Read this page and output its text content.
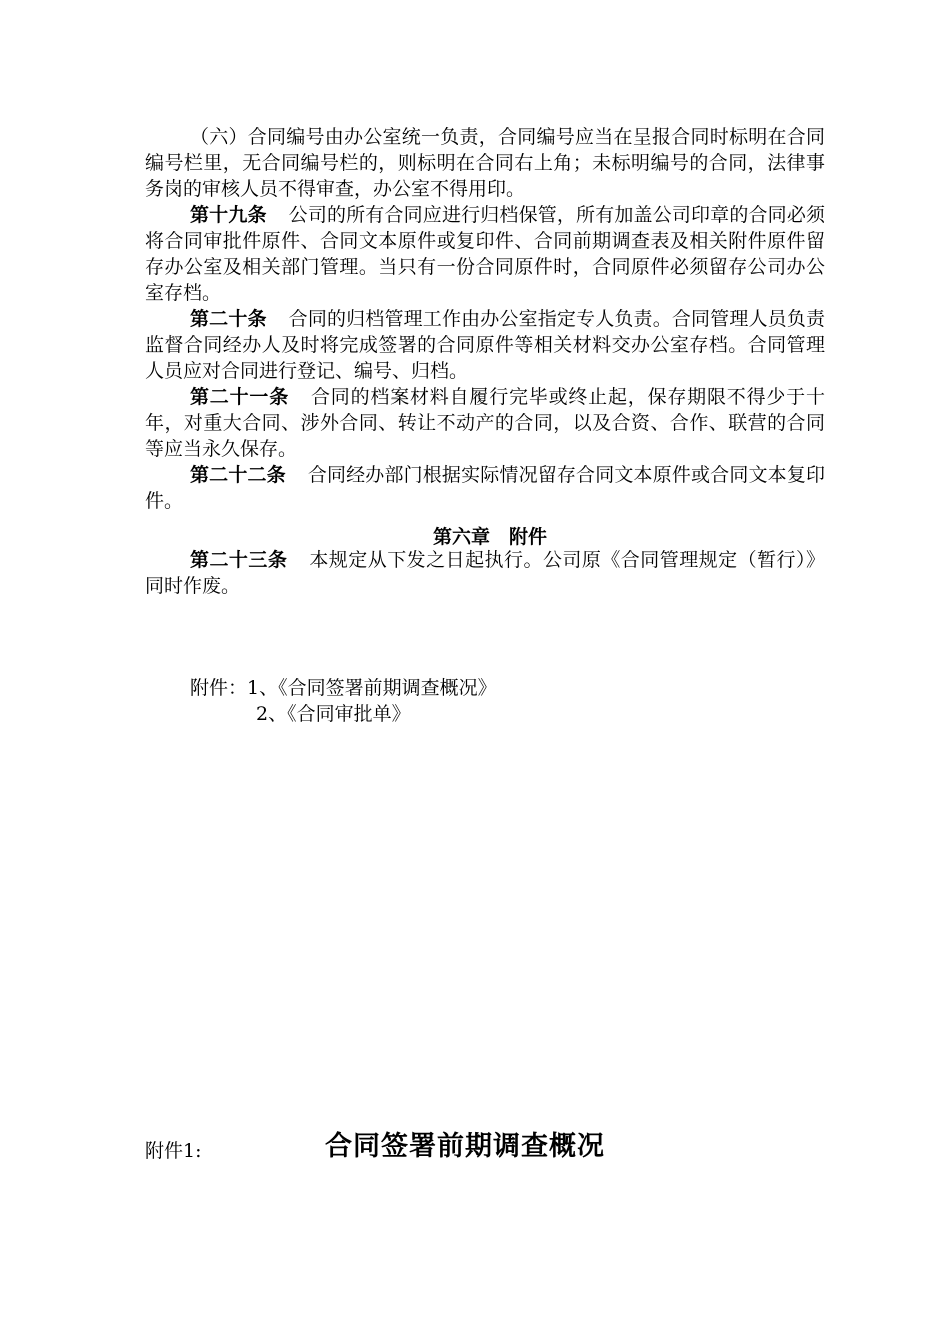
（六）合同编号由办公室统一负责，合同编号应当在呈报合同时标明在合同编号栏里，无合同编号栏的，则标明在合同右上角；未标明编号的合同，法律事务岗的审核人员不得审查，办公室不得用印。

第十九条 公司的所有合同应进行归档保管，所有加盖公司印章的合同必须将合同审批件原件、合同文本原件或复印件、合同前期调查表及相关附件原件留存办公室及相关部门管理。当只有一份合同原件时，合同原件必须留存公司办公室存档。

第二十条 合同的归档管理工作由办公室指定专人负责。合同管理人员负责监督合同经办人及时将完成签署的合同原件等相关材料交办公室存档。合同管理人员应对合同进行登记、编号、归档。

第二十一条 合同的档案材料自履行完毕或终止起，保存期限不得少于十年，对重大合同、涉外合同、转让不动产的合同，以及合资、合作、联营的合同等应当永久保存。

第二十二条 合同经办部门根据实际情况留存合同文本原件或合同文本复印件。

第六章　附件

第二十三条 本规定从下发之日起执行。公司原《合同管理规定（暂行）》同时作废。

附件：1、《合同签署前期调查概况》
2、《合同审批单》
附件1:	合同签署前期调查概况
